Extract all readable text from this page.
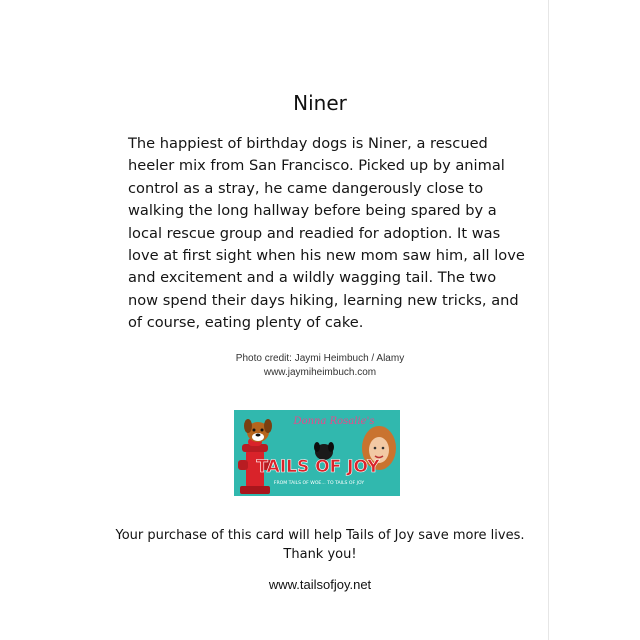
Niner

The happiest of birthday dogs is Niner, a rescued
heeler mix from San Francisco. Picked up by animal
control as a stray, he came dangerously close to
walking the long hallway before being spared by a
local rescue group and readied for adoption. It was
love at first sight when his new mom saw him, all love
and excitement and a wildly wagging tail. The two
now spend their days hiking, learning new tricks, and
of course, eating plenty of cake.

Photo credit: Jaymi Heimbuch / Alamy
www.jaymiheimbuch.com
Donna Rosalie's
TAILS OF JOY
FROM TAILS OF WOE... TO TAILS OF JOY
Your purchase of this card will help Tails of Joy save more lives.
Thank you!
www.tailsofjoy.net
